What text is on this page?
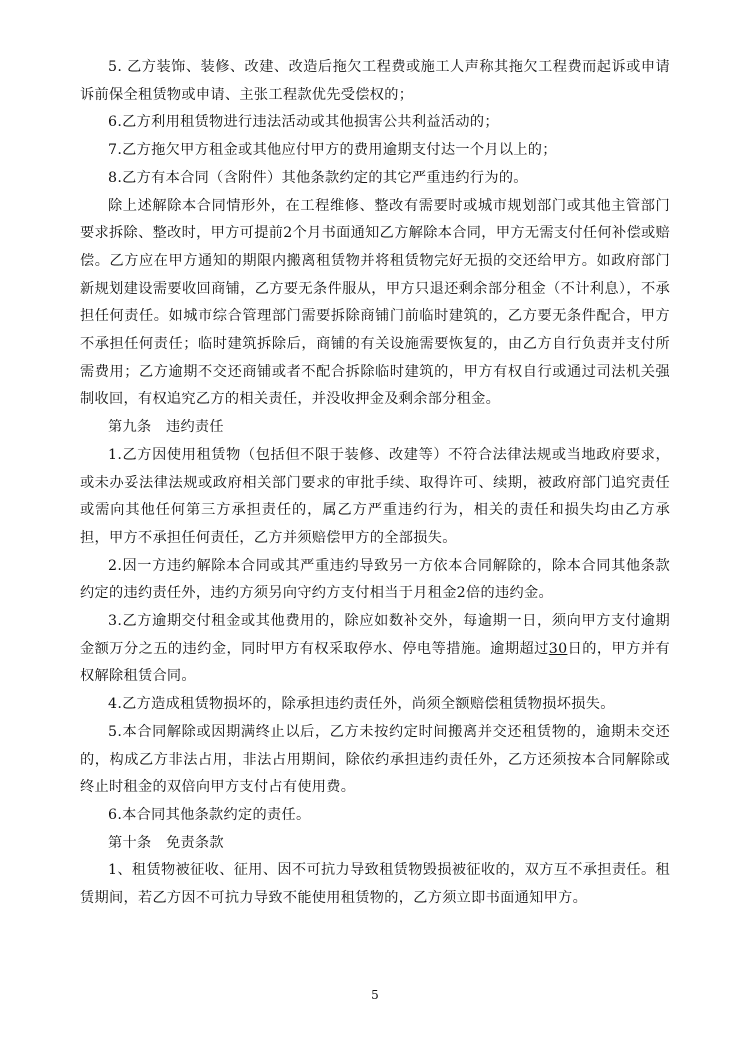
5. 乙方装饰、装修、改建、改造后拖欠工程费或施工人声称其拖欠工程费而起诉或申请诉前保全租赁物或申请、主张工程款优先受偿权的；

6.乙方利用租赁物进行违法活动或其他损害公共利益活动的；

7.乙方拖欠甲方租金或其他应付甲方的费用逾期支付达一个月以上的；

8.乙方有本合同（含附件）其他条款约定的其它严重违约行为的。

除上述解除本合同情形外，在工程维修、整改有需要时或城市规划部门或其他主管部门要求拆除、整改时，甲方可提前2个月书面通知乙方解除本合同，甲方无需支付任何补偿或赔偿。乙方应在甲方通知的期限内搬离租赁物并将租赁物完好无损的交还给甲方。如政府部门新规划建设需要收回商铺，乙方要无条件服从，甲方只退还剩余部分租金（不计利息），不承担任何责任。如城市综合管理部门需要拆除商铺门前临时建筑的，乙方要无条件配合，甲方不承担任何责任；临时建筑拆除后，商铺的有关设施需要恢复的，由乙方自行负责并支付所需费用；乙方逾期不交还商铺或者不配合拆除临时建筑的，甲方有权自行或通过司法机关强制收回，有权追究乙方的相关责任，并没收押金及剩余部分租金。

第九条　违约责任

1.乙方因使用租赁物（包括但不限于装修、改建等）不符合法律法规或当地政府要求，或未办妥法律法规或政府相关部门要求的审批手续、取得许可、续期，被政府部门追究责任或需向其他任何第三方承担责任的，属乙方严重违约行为，相关的责任和损失均由乙方承担，甲方不承担任何责任，乙方并须赔偿甲方的全部损失。

2.因一方违约解除本合同或其严重违约导致另一方依本合同解除的，除本合同其他条款约定的违约责任外，违约方须另向守约方支付相当于月租金2倍的违约金。

3.乙方逾期交付租金或其他费用的，除应如数补交外，每逾期一日，须向甲方支付逾期金额万分之五的违约金，同时甲方有权采取停水、停电等措施。逾期超过30日的，甲方并有权解除租赁合同。

4.乙方造成租赁物损坏的，除承担违约责任外，尚须全额赔偿租赁物损坏损失。

5.本合同解除或因期满终止以后，乙方未按约定时间搬离并交还租赁物的，逾期未交还的，构成乙方非法占用，非法占用期间，除依约承担违约责任外，乙方还须按本合同解除或终止时租金的双倍向甲方支付占有使用费。

6.本合同其他条款约定的责任。

第十条　免责条款

1、租赁物被征收、征用、因不可抗力导致租赁物毁损被征收的，双方互不承担责任。租赁期间，若乙方因不可抗力导致不能使用租赁物的，乙方须立即书面通知甲方。

5
